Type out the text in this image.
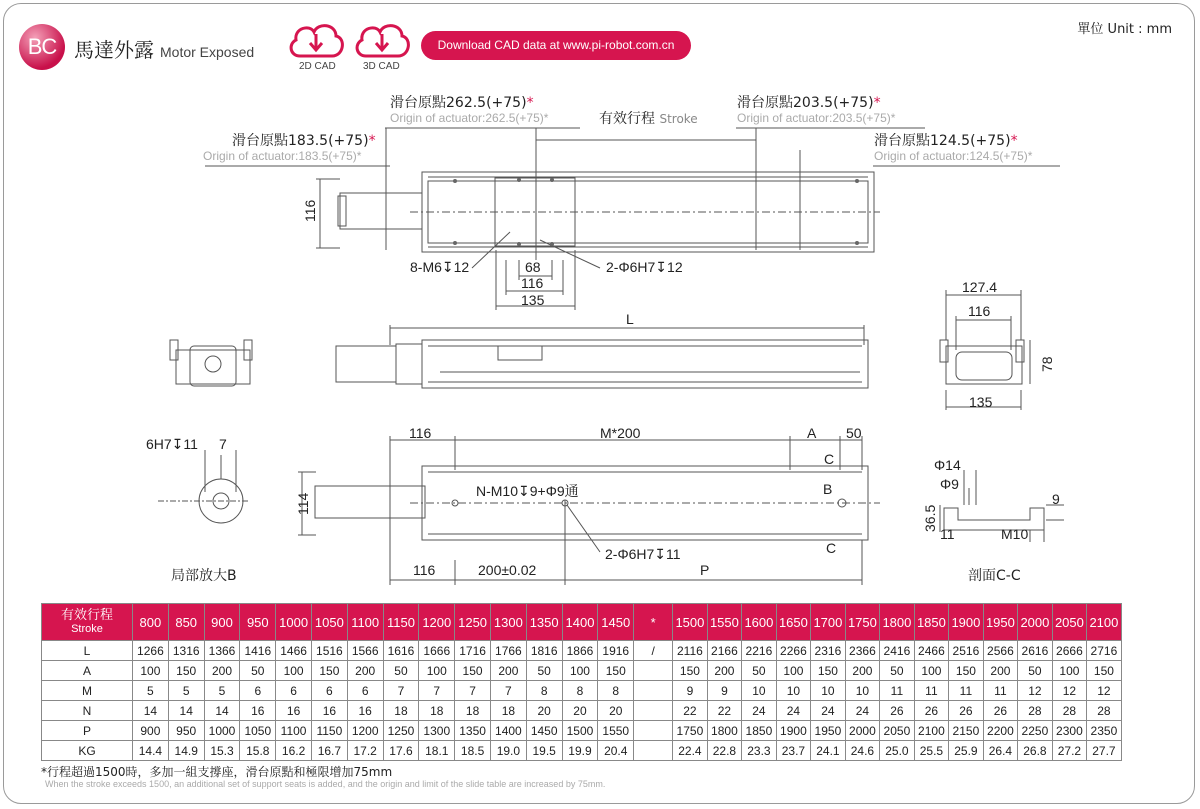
BC 馬達外露 Motor Exposed
2D CAD	3D CAD
Download CAD data at www.pi-robot.com.cn
單位 Unit : mm
滑台原點262.5(+75)*
Origin of actuator:262.5(+75)*
滑台原點203.5(+75)*
Origin of actuator:203.5(+75)*
有效行程 Stroke
滑台原點183.5(+75)*
Origin of actuator:183.5(+75)*
滑台原點124.5(+75)*
Origin of actuator:124.5(+75)*
116
8-M6↧12	2-Φ6H7↧12
68
116
135
L
127.4
116
78
135
6H7↧11 7
局部放大B
116	M*200	A 50
C
B
C
114
N-M10↧9+Φ9通
2-Φ6H7↧11
116	200±0.02	P
Φ14
Φ9
9
36.5
11	M10
剖面C-C
有效行程
Stroke	800	850	900	950	1000	1050	1100	1150	1200	1250	1300	1350	1400	1450	*	1500	1550	1600	1650	1700	1750	1800	1850	1900	1950	2000	2050	2100
L	1266	1316	1366	1416	1466	1516	1566	1616	1666	1716	1766	1816	1866	1916	/	2116	2166	2216	2266	2316	2366	2416	2466	2516	2566	2616	2666	2716
A	100	150	200	50	100	150	200	50	100	150	200	50	100	150		150	200	50	100	150	200	50	100	150	200	50	100	150
M	5	5	5	6	6	6	6	7	7	7	7	8	8	8		9	9	10	10	10	10	11	11	11	11	12	12	12
N	14	14	14	16	16	16	16	18	18	18	18	20	20	20		22	22	24	24	24	24	26	26	26	26	28	28	28
P	900	950	1000	1050	1100	1150	1200	1250	1300	1350	1400	1450	1500	1550		1750	1800	1850	1900	1950	2000	2050	2100	2150	2200	2250	2300	2350
KG	14.4	14.9	15.3	15.8	16.2	16.7	17.2	17.6	18.1	18.5	19.0	19.5	19.9	20.4		22.4	22.8	23.3	23.7	24.1	24.6	25.0	25.5	25.9	26.4	26.8	27.2	27.7
*行程超過1500時，多加一組支撐座，滑台原點和極限增加75mm
When the stroke exceeds 1500, an additional set of support seats is added, and the origin and limit of the slide table are increased by 75mm.
